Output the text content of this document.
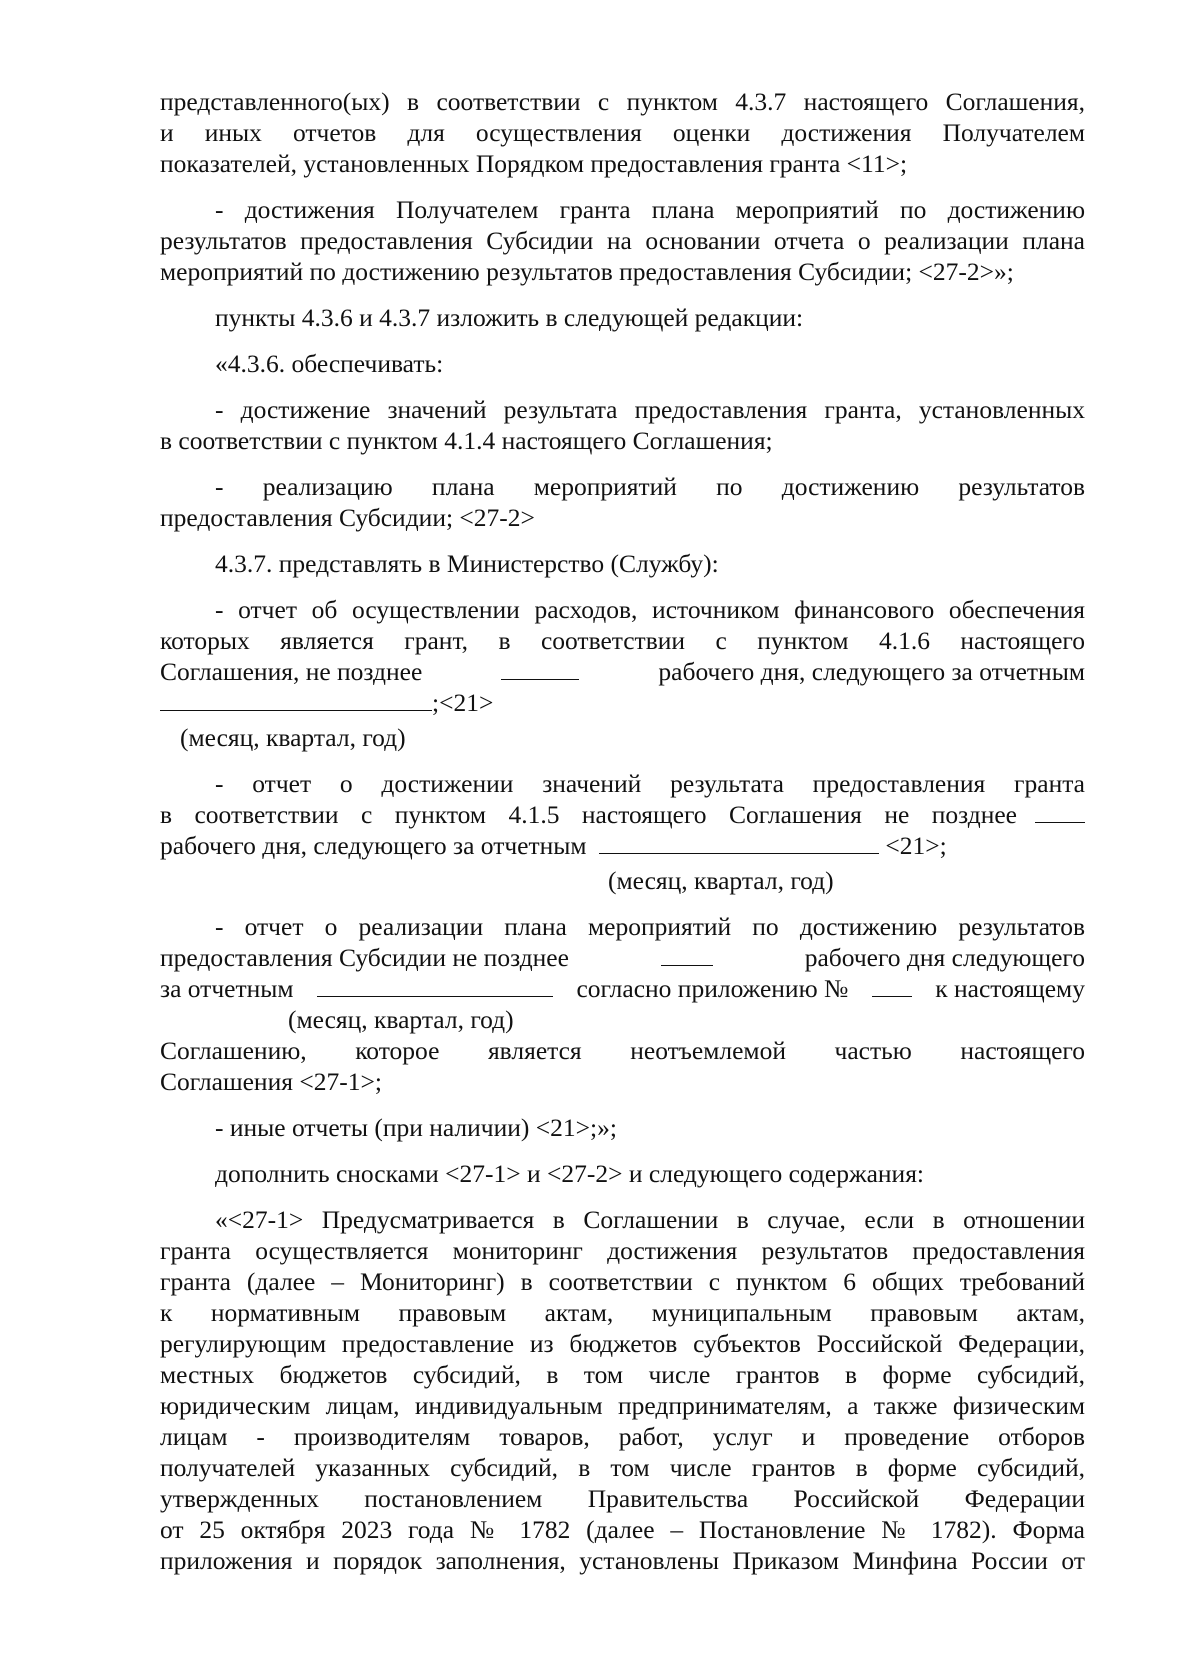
представленного(ых) в соответствии с пунктом 4.3.7 настоящего Соглашения,
и иных отчетов для осуществления оценки достижения Получателем
показателей, установленных Порядком предоставления гранта <11>;
- достижения Получателем гранта плана мероприятий по достижению
результатов предоставления Субсидии на основании отчета о реализации плана
мероприятий по достижению результатов предоставления Субсидии; <27-2>»;
пункты 4.3.6 и 4.3.7 изложить в следующей редакции:
«4.3.6. обеспечивать:
- достижение значений результата предоставления гранта, установленных
в соответствии с пунктом 4.1.4 настоящего Соглашения;
- реализацию плана мероприятий по достижению результатов
предоставления Субсидии; <27-2>
4.3.7. представлять в Министерство (Службу):
- отчет об осуществлении расходов, источником финансового обеспечения
которых является грант, в соответствии с пунктом 4.1.6 настоящего
Соглашения, не позднее	рабочего дня, следующего за отчетным
;<21>
(месяц, квартал, год)
- отчет о достижении значений результата предоставления гранта
в соответствии с пунктом 4.1.5 настоящего Соглашения не позднее
рабочего дня, следующего за отчетным	<21>;
(месяц, квартал, год)
- отчет о реализации плана мероприятий по достижению результатов
предоставления Субсидии не позднее	рабочего дня следующего
за отчетным	согласно приложению №	к настоящему
(месяц, квартал, год)
Соглашению, которое является неотъемлемой частью настоящего
Соглашения <27-1>;
- иные отчеты (при наличии) <21>;»;
дополнить сносками <27-1> и <27-2> и следующего содержания:
«<27-1> Предусматривается в Соглашении в случае, если в отношении
гранта осуществляется мониторинг достижения результатов предоставления
гранта (далее – Мониторинг) в соответствии с пунктом 6 общих требований
к нормативным правовым актам, муниципальным правовым актам,
регулирующим предоставление из бюджетов субъектов Российской Федерации,
местных бюджетов субсидий, в том числе грантов в форме субсидий,
юридическим лицам, индивидуальным предпринимателям, а также физическим
лицам - производителям товаров, работ, услуг и проведение отборов
получателей указанных субсидий, в том числе грантов в форме субсидий,
утвержденных постановлением Правительства Российской Федерации
от 25 октября 2023 года № 1782 (далее – Постановление № 1782). Форма
приложения и порядок заполнения, установлены Приказом Минфина России от
